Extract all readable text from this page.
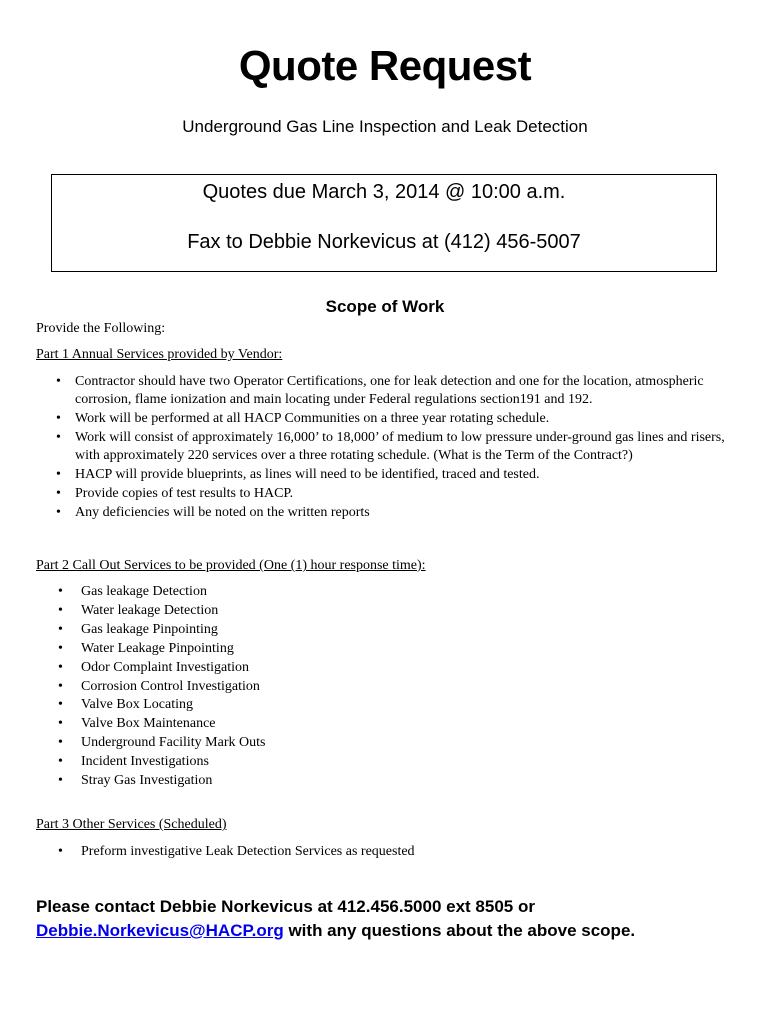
Quote Request

Underground Gas Line Inspection and Leak Detection

Quotes due March 3, 2014 @ 10:00 a.m.

Fax to Debbie Norkevicus at (412) 456-5007

Scope of Work

Provide the Following:

Part 1 Annual Services provided by Vendor:

• Contractor should have two Operator Certifications, one for leak detection and one for the location, atmospheric corrosion, flame ionization and main locating under Federal regulations section191 and 192.
• Work will be performed at all HACP Communities on a three year rotating schedule.
• Work will consist of approximately 16,000’ to 18,000’ of medium to low pressure under-ground gas lines and risers, with approximately 220 services over a three rotating schedule. (What is the Term of the Contract?)
• HACP will provide blueprints, as lines will need to be identified, traced and tested.
• Provide copies of test results to HACP.
• Any deficiencies will be noted on the written reports

Part 2 Call Out Services to be provided (One (1) hour response time):

• Gas leakage Detection
• Water leakage Detection
• Gas leakage Pinpointing
• Water Leakage Pinpointing
• Odor Complaint Investigation
• Corrosion Control Investigation
• Valve Box Locating
• Valve Box Maintenance
• Underground Facility Mark Outs
• Incident Investigations
• Stray Gas Investigation

Part 3 Other Services (Scheduled)

• Preform investigative Leak Detection Services as requested

Please contact Debbie Norkevicus at 412.456.5000 ext 8505 or
Debbie.Norkevicus@HACP.org with any questions about the above scope.
